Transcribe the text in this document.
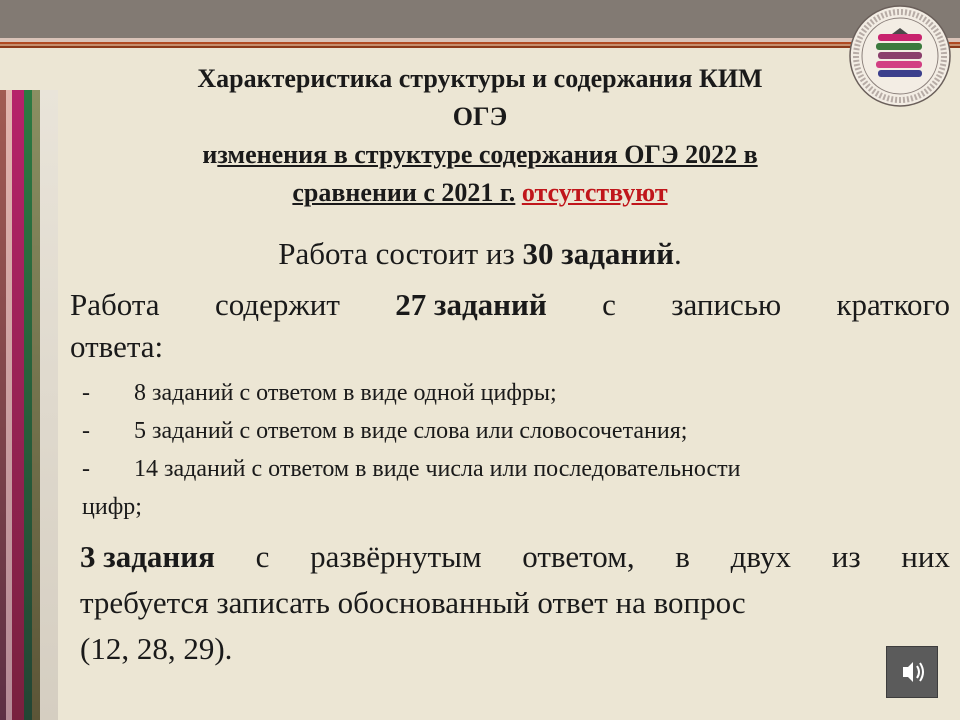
Характеристика структуры и содержания КИМ
ОГЭ
изменения в структуре содержания ОГЭ 2022 в
сравнении с 2021 г. отсутствуют
Работа состоит из 30 заданий.
Работа содержит 27 заданий с записью краткого
ответа:
- 8 заданий с ответом в виде одной цифры;
- 5 заданий с ответом в виде слова или словосочетания;
- 14 заданий с ответом в виде числа или последовательности
цифр;
3 задания с развёрнутым ответом, в двух из них
требуется записать обоснованный ответ на вопрос
(12, 28, 29).
